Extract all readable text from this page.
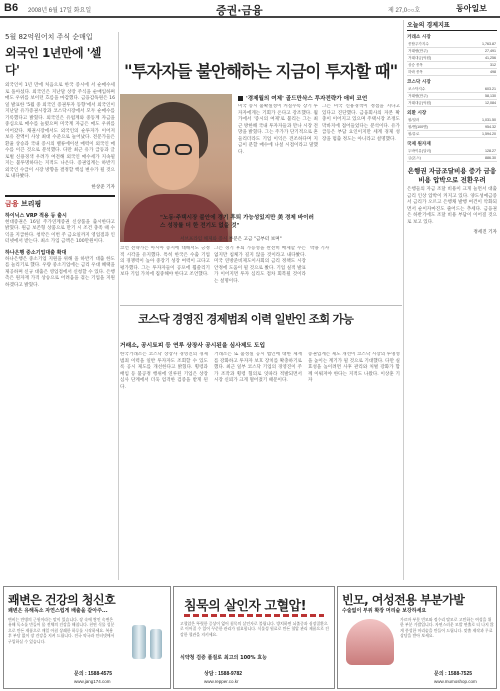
B6 2008년 6월 17일 화요일	증권·금융	제 27,0○○호	동아일보
5월 82억원어치 주식 순매입
외국인 1년만에 '셀다'
외국인이 1년 만에 처음으로 한국 증시에 서 순매수세로 돌아섰다. 외국인은 지난달 상장 주식을 순매입하며 매도 우위를 보이던 흐름을 마감했다. 금융감독원은 16일 발표한 '5월 중 외국인 증권투자 동향'에서 외국인이 지난달 유가증권시장과 코스닥시장에서 모두 순매수를 기록했다고 밝혔다. 외국인은 유럽계와 중동계 자금을 중심으로 매수를 늘렸으며 미국계 자금은 매도 우위를 이어갔다. 채권시장에서도 외국인의 순투자가 이어져 보유 잔액이 사상 최대 수준으로 늘어났다. 전문가들은 환율 상승과 국내 증시의 밸류에이션 매력이 외국인 매수를 이끈 것으로 분석했다. 다만 최근 유가 급등과 글로벌 신용경색 우려가 여전해 외국인 매수세가 지속될지는 불투명하다는 지적도 나온다. 증권업계는 하반기 외국인 수급이 시장 방향을 결정할 핵심 변수가 될 것으로 내다봤다.
한상준 기자
금융 브리핑
하이닉스 VRP 적용 등 출시
현대증권은 16일 주가연계증권 신상품을 출시한다고 밝혔다. 원금 보존형 상품으로 만기 시 조건 충족 때 수익을 지급한다. 청약은 이번 주 금요일까지 영업점과 인터넷에서 받는다. 최소 가입 금액은 100만원이다.
하나은행 중소기업대출 확대
하나은행은 중소기업 지원을 위해 올 하반기 대출 한도를 늘리기로 했다. 우량 중소기업에는 금리 우대 혜택을 제공하며 신규 대출은 영업점에서 신청할 수 있다. 은행 측은 원자재 가격 상승으로 어려움을 겪는 기업을 지원하겠다고 밝혔다.
"투자자들 불안해하는 지금이 투자할 때"
'경제월의 여제' 골드만삭스 투자전략가 애비 코언
미국 증시 불확실성이 커질수록 장기 투자자에게는 기회가 온다고 강조했다. 월가에서 '증시의 여제'로 불리는 그는 최근 방한해 국내 투자자들과 만나 시장 전망을 밝혔다. 그는 주가가 단기적으로 흔들리더라도 기업 이익은 견조하다며 지금이 분할 매수에 나설 시점이라고 말했다.
그는 미국 신용경색이 정점을 지나고 있다고 진단했다. 금융회사의 자본 확충이 이어지고 있으며 주택시장 조정도 막바지에 접어들었다는 분석이다. 유가 급등은 부담 요인이지만 세계 경제 성장을 멈출 정도는 아니라고 설명했다.
"노동·주택시장 불안에 경기 후퇴 가능성있지만 美 경제 바이러스 성장률 더 한 전기도 없을 것"
서브프라임 해제와 증시 부분은 고금 "금부터 보며"
코언 전략가는 아시아 증시에 대해서도 긍정적 시각을 유지했다. 특히 한국은 수출 기업의 경쟁력이 높아 중장기 성장 여력이 크다고 평가했다. 그는 투자자들이 공포에 휩쓸리기보다 기업 가치에 집중해야 한다고 조언했다.
그는 경기 후퇴 가능성을 완전히 배제할 수는 없지만 침체가 길지 않을 것이라고 내다봤다. 미국 연방준비제도이사회의 금리 정책도 시장 안정에 도움이 될 것으로 봤다. 기업 실적 발표가 이어지면 투자 심리도 점차 회복될 것이라는 설명이다.
박용 기자
코스닥 경영진 경제범죄 이력 일반인 조회 가능
거래소, 공시토피 등 연루 상장사 공시된을 심사제도 도입
한국거래소는 코스닥 상장사 경영진의 경제범죄 이력을 일반 투자자도 조회할 수 있도록 공시 제도를 개선한다고 밝혔다. 횡령과 배임 등 불공정 행위에 연루된 기업은 상장 심사 단계에서 더욱 엄격한 검증을 받게 된다.
거래소는 또 불성실 공시 법인에 대한 제재를 강화하고 투자자 보호 장치를 확충하기로 했다. 최근 일부 코스닥 기업의 경영진이 주가 조작과 횡령 혐의로 잇따라 적발되면서 시장 신뢰가 크게 떨어졌기 때문이다.
증권업계는 제도 개선이 코스닥 시장의 투명성을 높이는 계기가 될 것으로 기대했다. 다만 실효성을 높이려면 사후 관리와 처벌 강화가 함께 이뤄져야 한다는 지적도 나왔다. 이상훈 기자
오늘의 경제지표
거래소 시장
종합주가지수	1,763.87
거래량(만주)	27,491
거래대금(억원)	41,256
상승 종목	312
하락 종목	498
코스닥 시장
코스닥지수	603.21
거래량(만주)	58,130
거래대금(억원)	12,084
외환 시장
원/달러	1,031.50
원/엔(100엔)	954.32
원/유로	1,594.20
국제 원자재
두바이유(달러)	128.27
금(온스)	886.30
은행권 자금조달비용 증가 금융비용 압박으로 전환우려
은행들의 자금 조달 비용이 크게 늘면서 대출 금리 인상 압박이 커지고 있다. 양도성예금증서 금리가 오르고 은행채 발행 여건이 악화되면서 순이자마진도 줄어드는 추세다. 금융권은 하반기에도 조달 비용 부담이 이어질 것으로 보고 있다.
정세진 기자
쾌변은 건강의 청신호
쾌변은 유해독소 자연스럽게 배출을 같아주...
변비는 만병의 근원이라는 말이 있습니다. 장 속에 쌓인 숙변은 유해 독소를 만들어 몸 전체의 건강을 해칩니다. 천연 식물 성분으로 만든 제품으로 매일 아침 상쾌한 하루를 시작하세요. 복용 후 부담 없이 장 건강을 지켜 드립니다. 전국 약국과 인터넷에서 구입하실 수 있습니다.
문의 : 1588-4575
www.jang174.com
침묵의 살인자 고혈압!
고혈압은 뚜렷한 증상이 없어 침묵의 살인자로 불립니다. 방치하면 뇌졸중과 심장질환으로 이어질 수 있어 꾸준한 관리가 필요합니다. 식물성 원료로 만든 혈압 관리 제품으로 건강한 혈관을 지키세요.
식약청 검증 품질로 최고의 100% 효능
상담 : 1588-9782
www.repper.co.kr
빈모, 여성전용 부분가발
수술없이 부위 확장 머리숱 보강하세요
가르마 부분 빈모와 정수리 탈모로 고민하는 여성을 위한 부분 가발입니다. 자연스러운 모발 연출로 티 나지 않게 풍성한 머리숱을 만들어 드립니다. 맞춤 제작과 무료 상담을 받아 보세요.
문의 : 1588-7525
www.mumoshop.com
